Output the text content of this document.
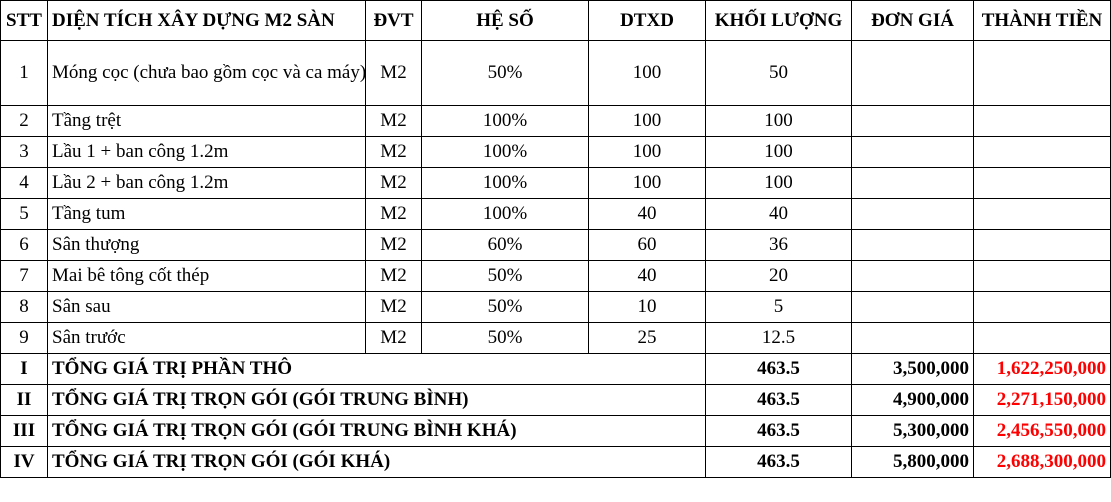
STT	DIỆN TÍCH XÂY DỰNG M2 SÀN	ĐVT	HỆ SỐ	DTXD	KHỐI LƯỢNG	ĐƠN GIÁ	THÀNH TIỀN
1	Móng cọc (chưa bao gồm cọc và ca máy)	M2	50%	100	50		
2	Tầng trệt	M2	100%	100	100		
3	Lầu 1 + ban công 1.2m	M2	100%	100	100		
4	Lầu 2 + ban công 1.2m	M2	100%	100	100		
5	Tầng tum	M2	100%	40	40		
6	Sân thượng	M2	60%	60	36		
7	Mai bê tông cốt thép	M2	50%	40	20		
8	Sân sau	M2	50%	10	5		
9	Sân trước	M2	50%	25	12.5		
I	TỔNG GIÁ TRỊ PHẦN THÔ				463.5	3,500,000	1,622,250,000
II	TỔNG GIÁ TRỊ TRỌN GÓI (GÓI TRUNG BÌNH)				463.5	4,900,000	2,271,150,000
III	TỔNG GIÁ TRỊ TRỌN GÓI (GÓI TRUNG BÌNH KHÁ)				463.5	5,300,000	2,456,550,000
IV	TỔNG GIÁ TRỊ TRỌN GÓI (GÓI KHÁ)				463.5	5,800,000	2,688,300,000
